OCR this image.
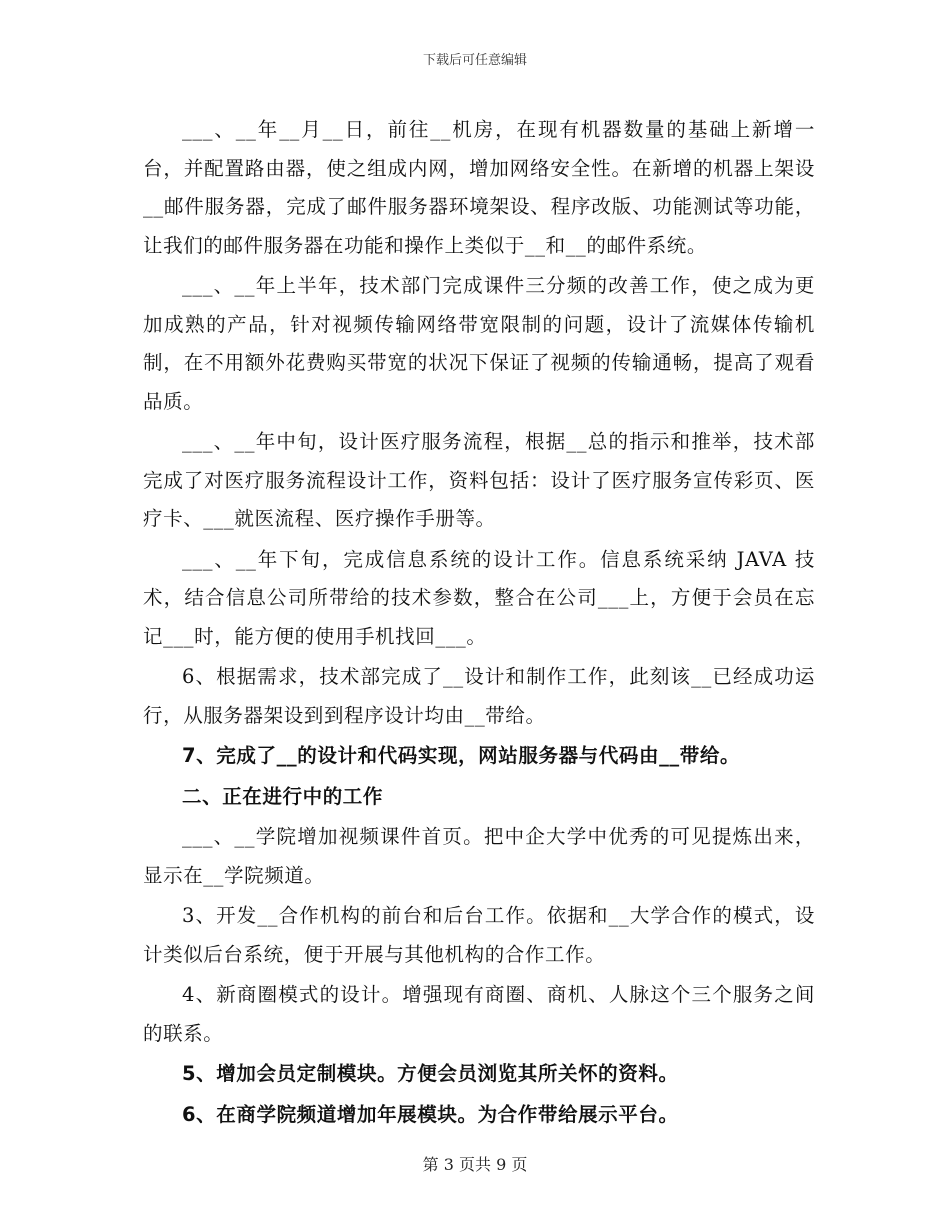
下载后可任意编辑

___、__年__月__日，前往__机房，在现有机器数量的基础上新增一台，并配置路由器，使之组成内网，增加网络安全性。在新增的机器上架设__邮件服务器，完成了邮件服务器环境架设、程序改版、功能测试等功能，让我们的邮件服务器在功能和操作上类似于__和__的邮件系统。

___、__年上半年，技术部门完成课件三分频的改善工作，使之成为更加成熟的产品，针对视频传输网络带宽限制的问题，设计了流媒体传输机制，在不用额外花费购买带宽的状况下保证了视频的传输通畅，提高了观看品质。

___、__年中旬，设计医疗服务流程，根据__总的指示和推举，技术部完成了对医疗服务流程设计工作，资料包括：设计了医疗服务宣传彩页、医疗卡、___就医流程、医疗操作手册等。

___、__年下旬，完成信息系统的设计工作。信息系统采纳 JAVA 技术，结合信息公司所带给的技术参数，整合在公司___上，方便于会员在忘记___时，能方便的使用手机找回___。

6、根据需求，技术部完成了__设计和制作工作，此刻该__已经成功运行，从服务器架设到到程序设计均由__带给。

7、完成了__的设计和代码实现，网站服务器与代码由__带给。

二、正在进行中的工作

___、__学院增加视频课件首页。把中企大学中优秀的可见提炼出来，显示在__学院频道。

3、开发__合作机构的前台和后台工作。依据和__大学合作的模式，设计类似后台系统，便于开展与其他机构的合作工作。

4、新商圈模式的设计。增强现有商圈、商机、人脉这个三个服务之间的联系。

5、增加会员定制模块。方便会员浏览其所关怀的资料。

6、在商学院频道增加年展模块。为合作带给展示平台。

第 3 页共 9 页
